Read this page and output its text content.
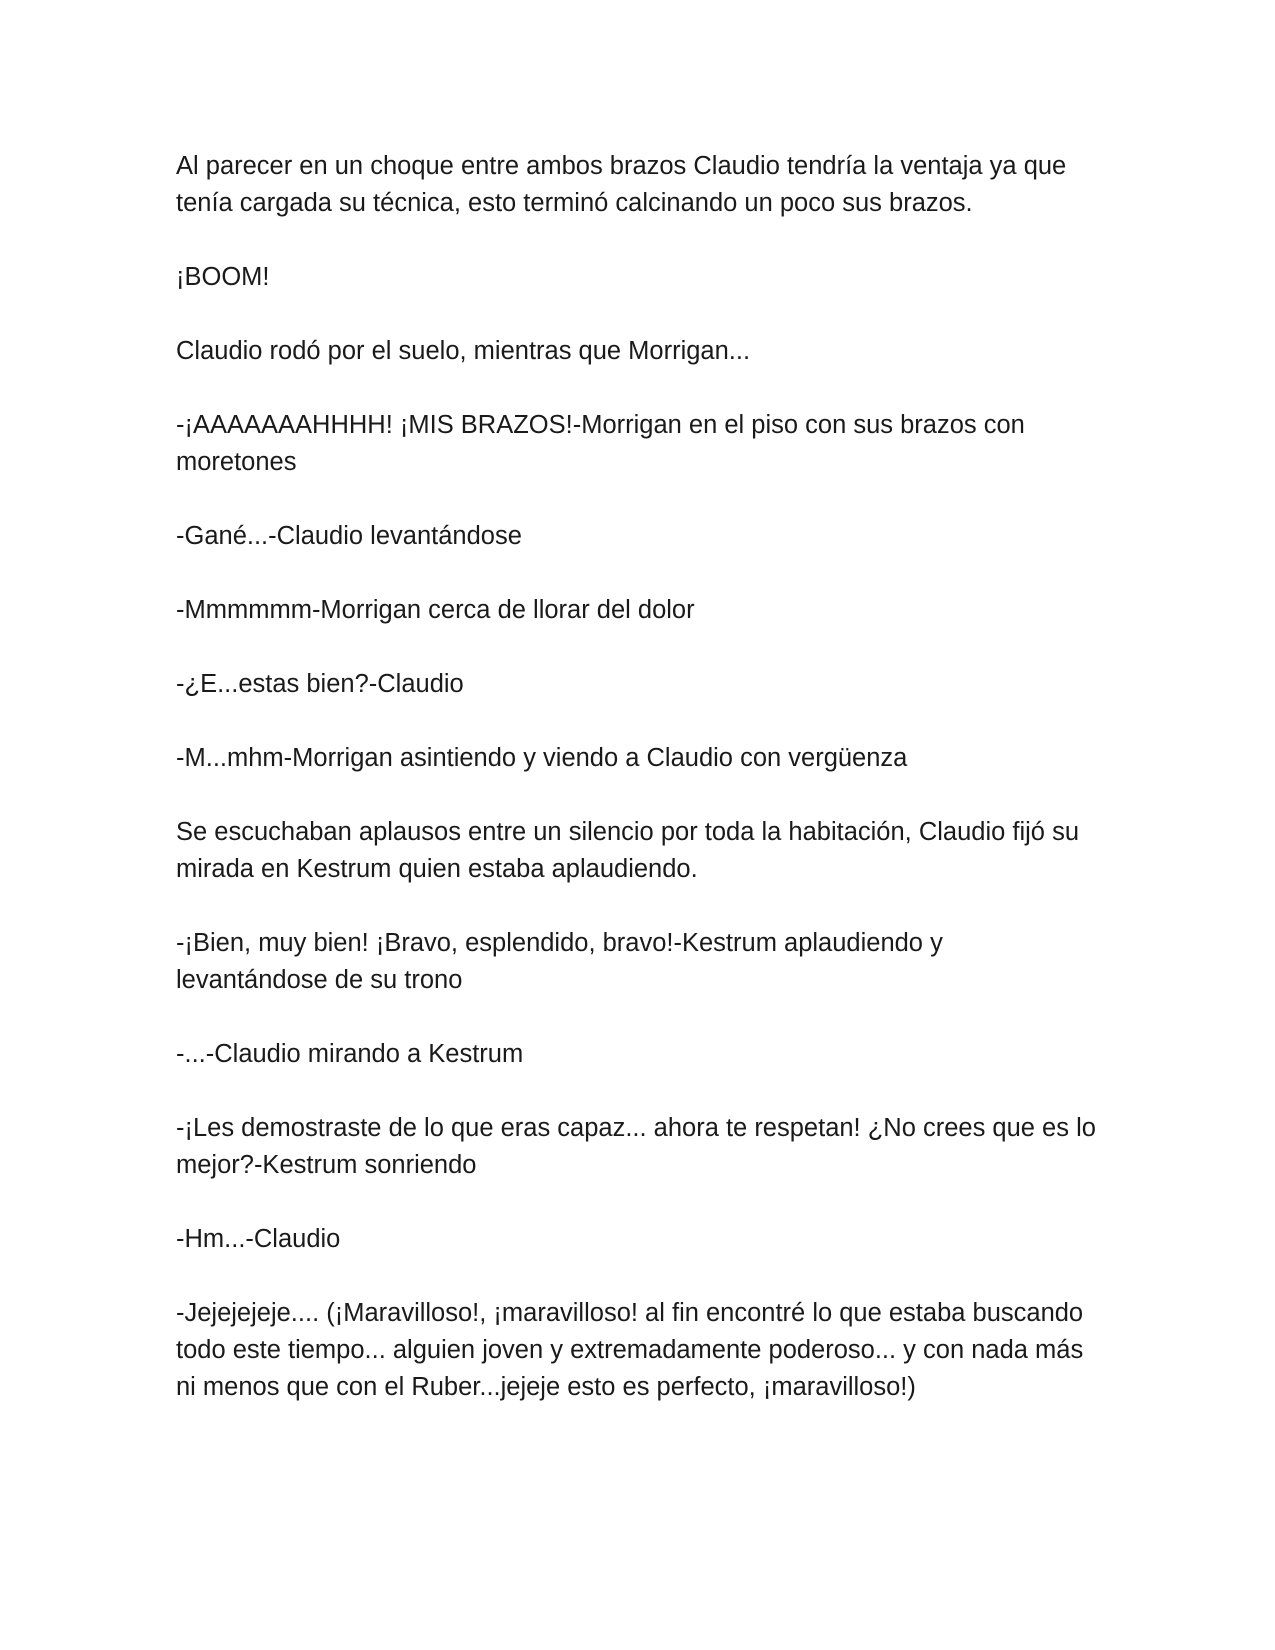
Al parecer en un choque entre ambos brazos Claudio tendría la ventaja ya que tenía cargada su técnica, esto terminó calcinando un poco sus brazos.

¡BOOM!

Claudio rodó por el suelo, mientras que Morrigan...

-¡AAAAAAAHHHH! ¡MIS BRAZOS!-Morrigan en el piso con sus brazos con moretones

-Gané...-Claudio levantándose

-Mmmmmm-Morrigan cerca de llorar del dolor

-¿E...estas bien?-Claudio

-M...mhm-Morrigan asintiendo y viendo a Claudio con vergüenza

Se escuchaban aplausos entre un silencio por toda la habitación, Claudio fijó su mirada en Kestrum quien estaba aplaudiendo.

-¡Bien, muy bien! ¡Bravo, esplendido, bravo!-Kestrum aplaudiendo y levantándose de su trono

-...-Claudio mirando a Kestrum

-¡Les demostraste de lo que eras capaz... ahora te respetan! ¿No crees que es lo mejor?-Kestrum sonriendo

-Hm...-Claudio

-Jejejejeje.... (¡Maravilloso!, ¡maravilloso! al fin encontré lo que estaba buscando todo este tiempo... alguien joven y extremadamente poderoso... y con nada más ni menos que con el Ruber...jejeje esto es perfecto, ¡maravilloso!)
